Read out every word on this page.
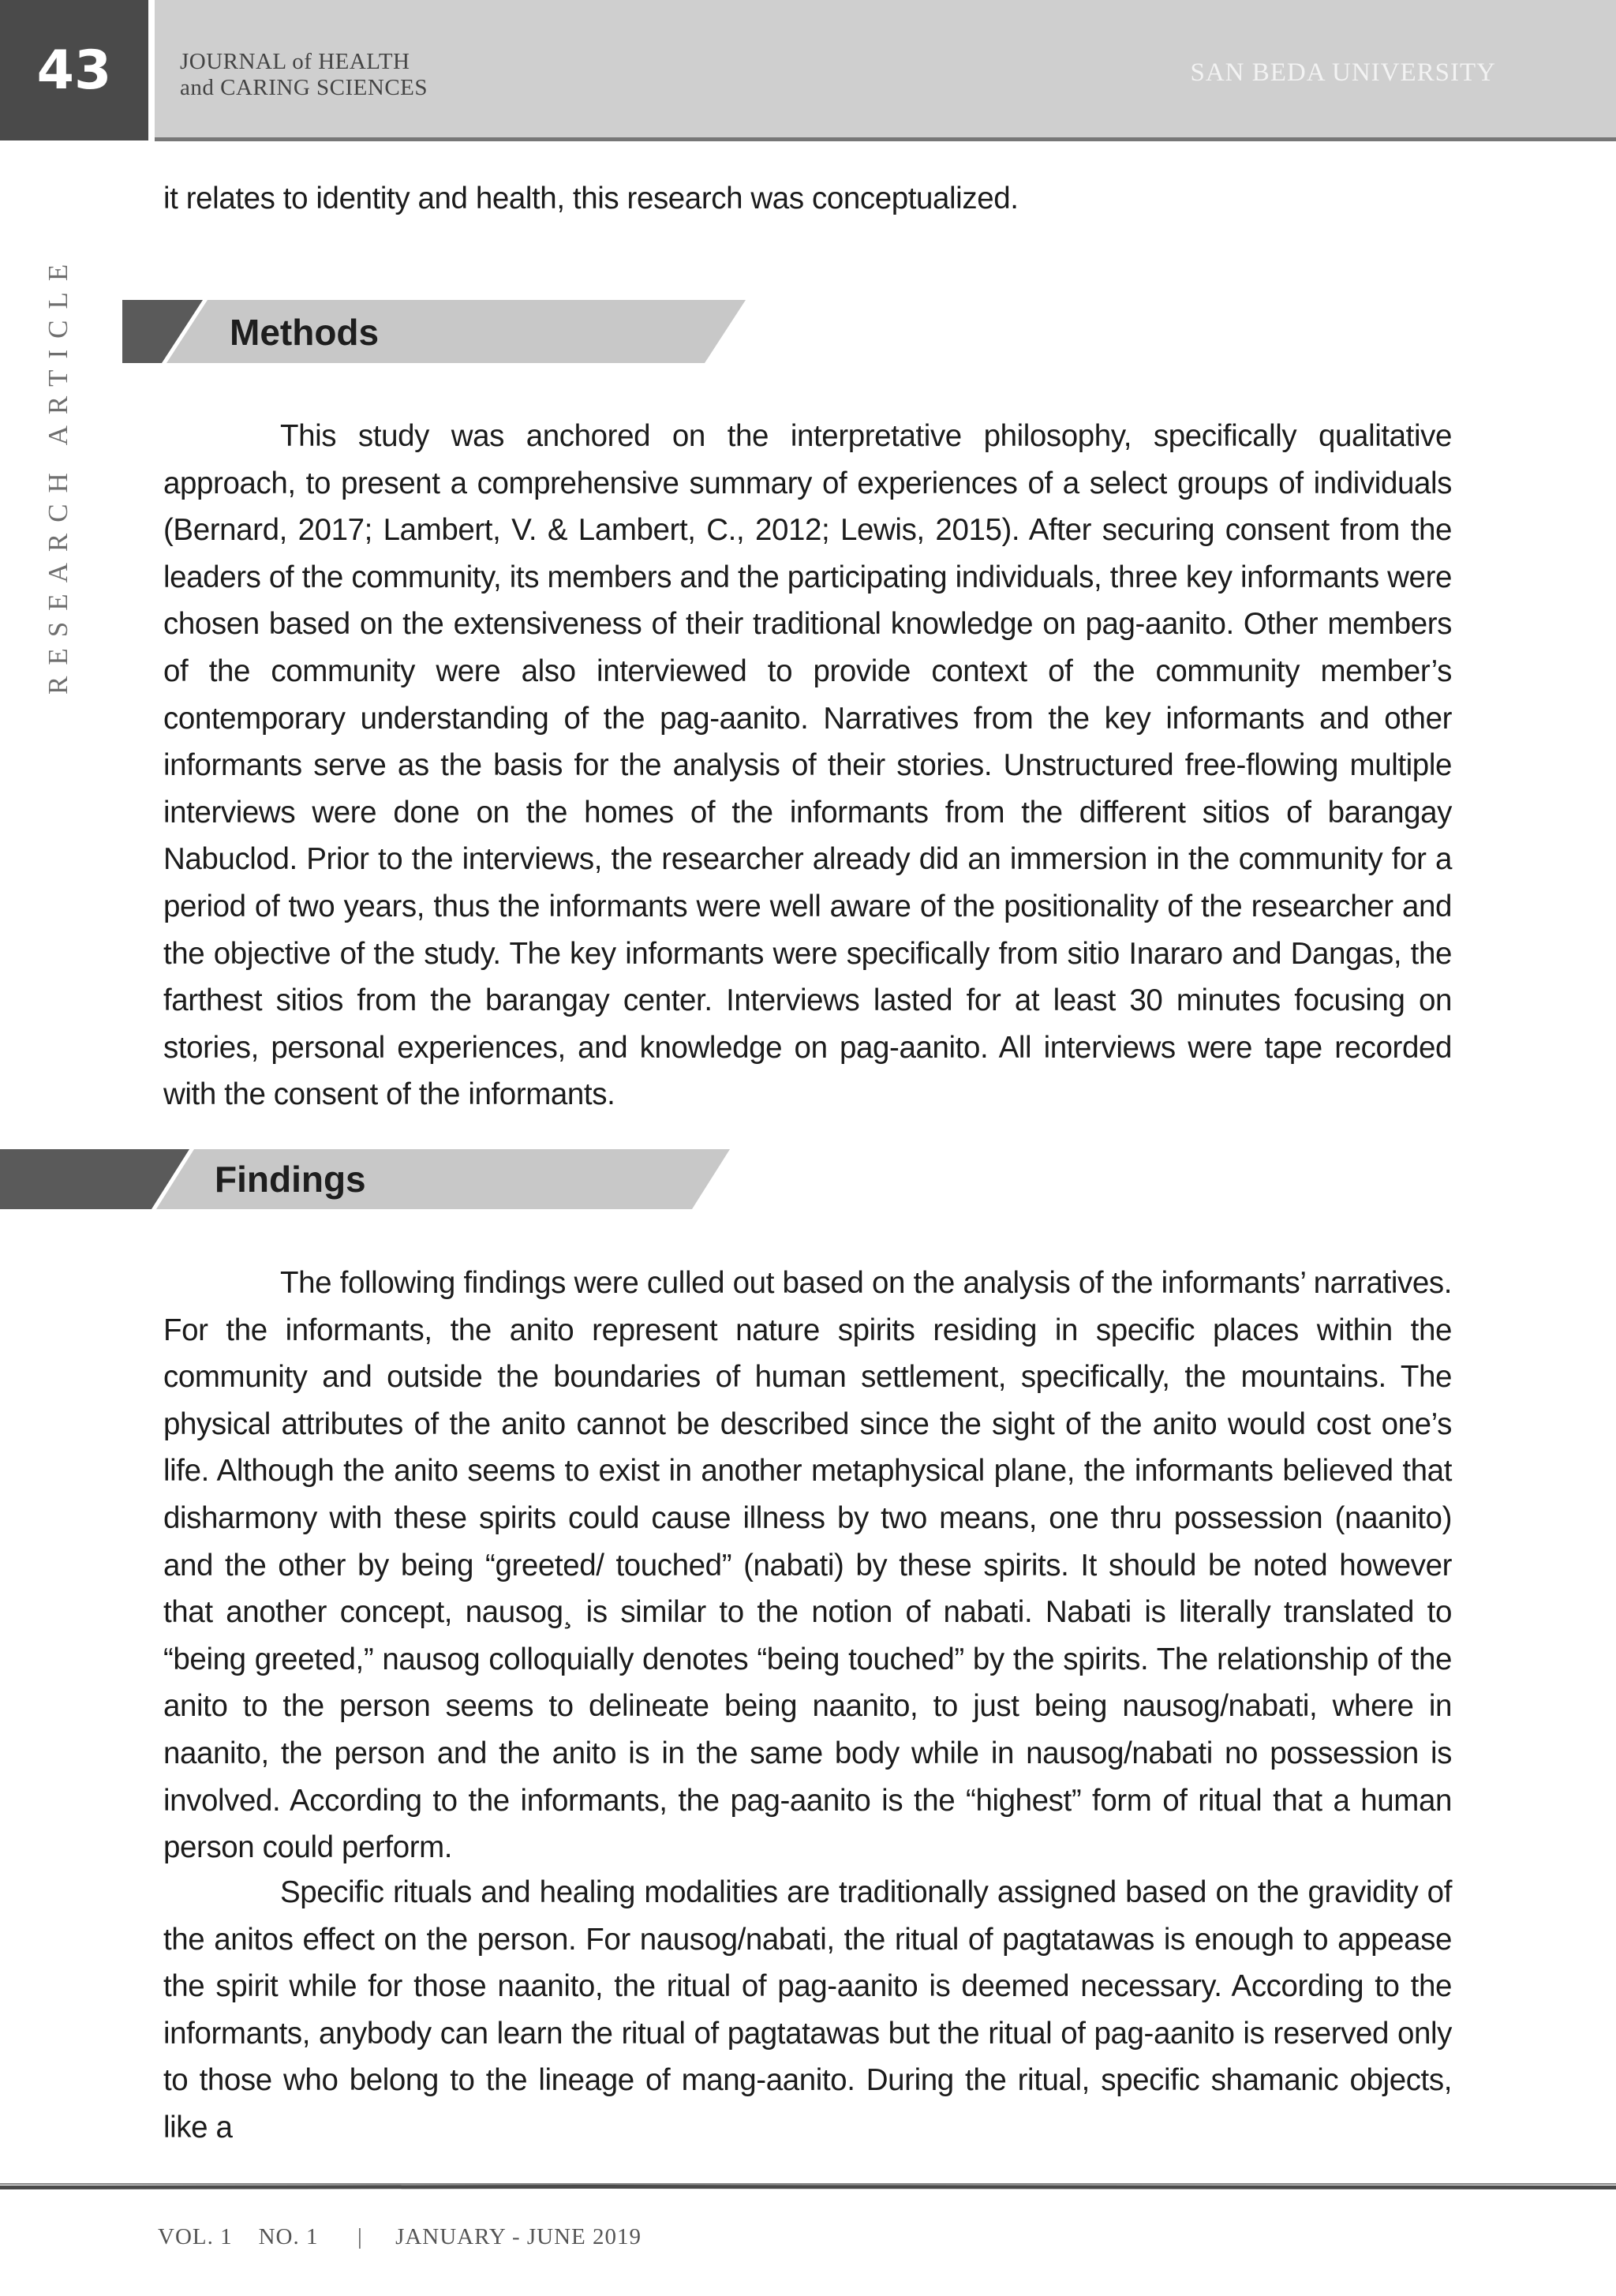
43	JOURNAL of HEALTH
and CARING SCIENCES
SAN BEDA UNIVERSITY
RESEARCH ARTICLE

it relates to identity and health, this research was conceptualized.

Methods

This study was anchored on the interpretative philosophy, specifically qualitative approach, to present a comprehensive summary of experiences of a select groups of individuals (Bernard, 2017; Lambert, V. & Lambert, C., 2012; Lewis, 2015). After securing consent from the leaders of the community, its members and the participating individuals, three key informants were chosen based on the extensiveness of their traditional knowledge on pag-aanito. Other members of the community were also interviewed to provide context of the community member’s contemporary understanding of the pag-aanito. Narratives from the key informants and other informants serve as the basis for the analysis of their stories. Unstructured free-flowing multiple interviews were done on the homes of the informants from the different sitios of barangay Nabuclod. Prior to the interviews, the researcher already did an immersion in the community for a period of two years, thus the informants were well aware of the positionality of the researcher and the objective of the study. The key informants were specifically from sitio Inararo and Dangas, the farthest sitios from the barangay center. Interviews lasted for at least 30 minutes focusing on stories, personal experiences, and knowledge on pag-aanito. All interviews were tape recorded with the consent of the informants.

Findings

The following findings were culled out based on the analysis of the informants’ narratives. For the informants, the anito represent nature spirits residing in specific places within the community and outside the boundaries of human settlement, specifically, the mountains. The physical attributes of the anito cannot be described since the sight of the anito would cost one’s life. Although the anito seems to exist in another metaphysical plane, the informants believed that disharmony with these spirits could cause illness by two means, one thru possession (naanito) and the other by being “greeted/ touched” (nabati) by these spirits. It should be noted however that another concept, nausog¸ is similar to the notion of nabati. Nabati is literally translated to “being greeted,” nausog colloquially denotes “being touched” by the spirits. The relationship of the anito to the person seems to delineate being naanito, to just being nausog/nabati, where in naanito, the person and the anito is in the same body while in nausog/nabati no possession is involved. According to the informants, the pag-aanito is the “highest” form of ritual that a human person could perform.

Specific rituals and healing modalities are traditionally assigned based on the gravidity of the anitos effect on the person. For nausog/nabati, the ritual of pagtatawas is enough to appease the spirit while for those naanito, the ritual of pag-aanito is deemed necessary. According to the informants, anybody can learn the ritual of pagtatawas but the ritual of pag-aanito is reserved only to those who belong to the lineage of mang-aanito. During the ritual, specific shamanic objects, like a

VOL. 1 NO. 1 | JANUARY - JUNE 2019
